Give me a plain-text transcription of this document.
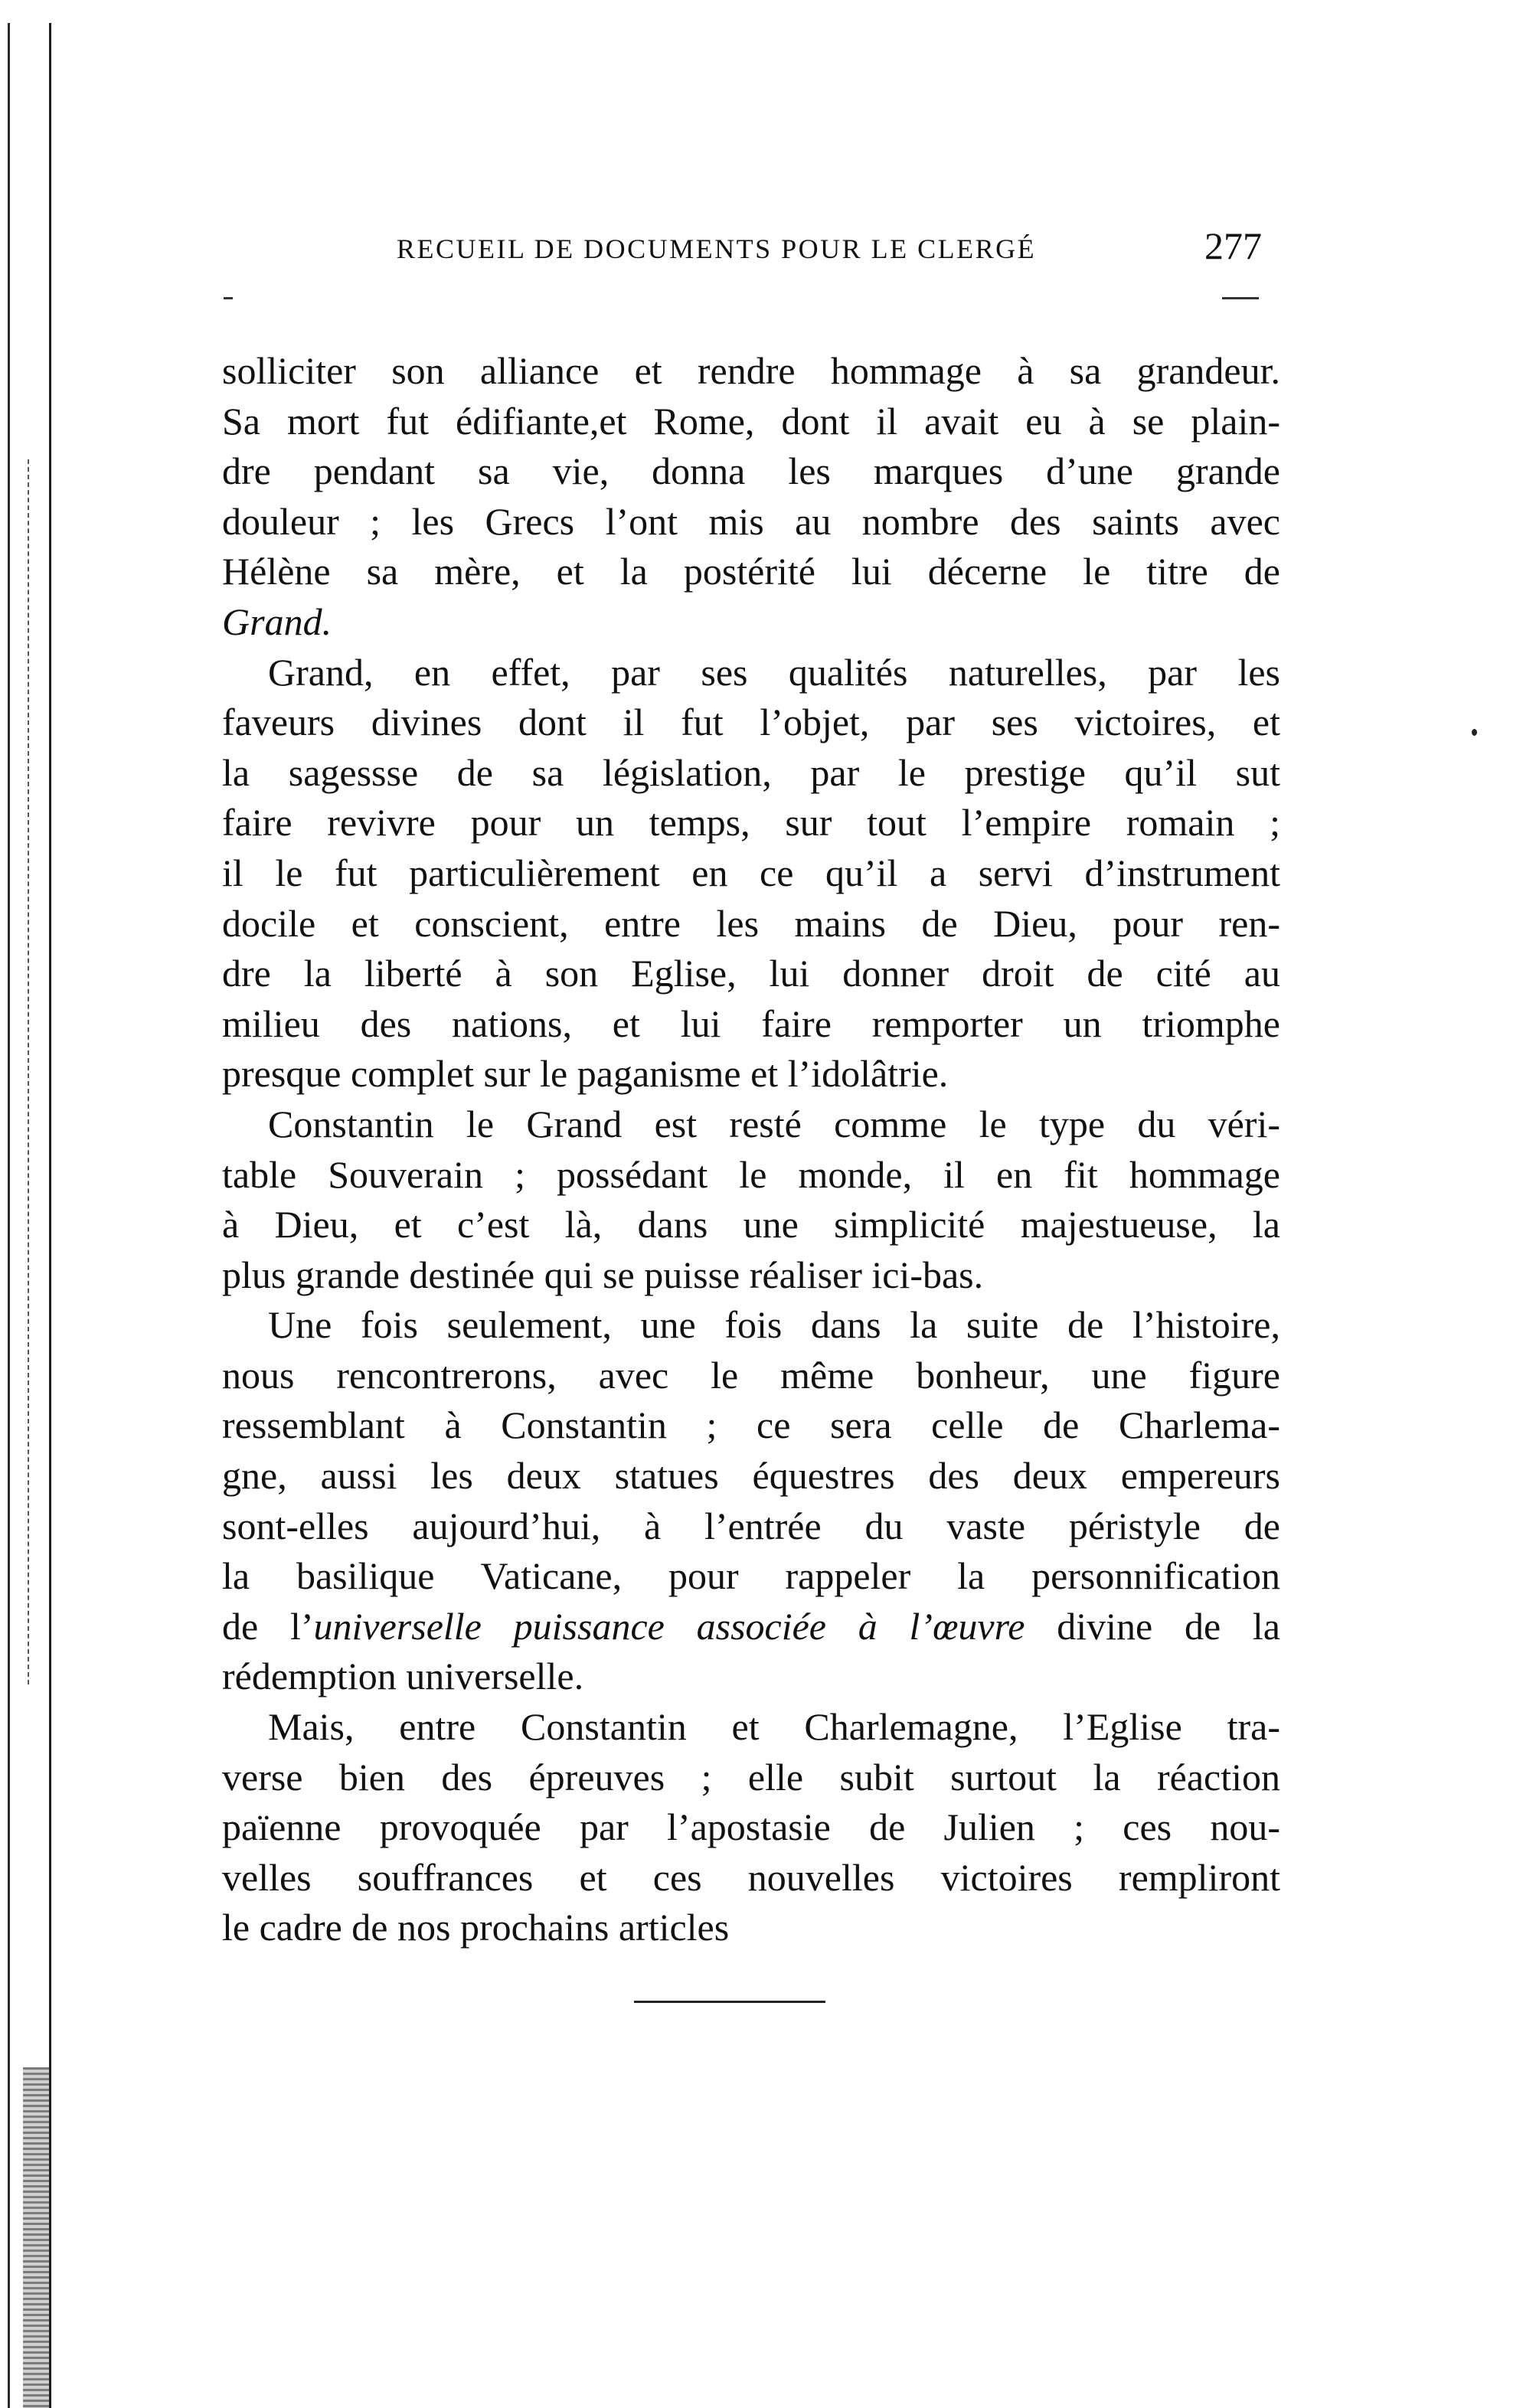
RECUEIL DE DOCUMENTS POUR LE CLERGÉ	277
solliciter son alliance et rendre hommage à sa grandeur.
Sa mort fut édifiante,et Rome, dont il avait eu à se plain-
dre pendant sa vie, donna les marques d’une grande
douleur ; les Grecs l’ont mis au nombre des saints avec
Hélène sa mère, et la postérité lui décerne le titre de
Grand.
Grand, en effet, par ses qualités naturelles, par les
faveurs divines dont il fut l’objet, par ses victoires, et
la sagessse de sa législation, par le prestige qu’il sut
faire revivre pour un temps, sur tout l’empire romain ;
il le fut particulièrement en ce qu’il a servi d’instrument
docile et conscient, entre les mains de Dieu, pour ren-
dre la liberté à son Eglise, lui donner droit de cité au
milieu des nations, et lui faire remporter un triomphe
presque complet sur le paganisme et l’idolâtrie.
Constantin le Grand est resté comme le type du véri-
table Souverain ; possédant le monde, il en fit hommage
à Dieu, et c’est là, dans une simplicité majestueuse, la
plus grande destinée qui se puisse réaliser ici-bas.
Une fois seulement, une fois dans la suite de l’histoire,
nous rencontrerons, avec le même bonheur, une figure
ressemblant à Constantin ; ce sera celle de Charlema-
gne, aussi les deux statues équestres des deux empereurs
sont-elles aujourd’hui, à l’entrée du vaste péristyle de
la basilique Vaticane, pour rappeler la personnification
de l’universelle puissance associée à l’œuvre divine de la
rédemption universelle.
Mais, entre Constantin et Charlemagne, l’Eglise tra-
verse bien des épreuves ; elle subit surtout la réaction
païenne provoquée par l’apostasie de Julien ; ces nou-
velles souffrances et ces nouvelles victoires rempliront
le cadre de nos prochains articles
